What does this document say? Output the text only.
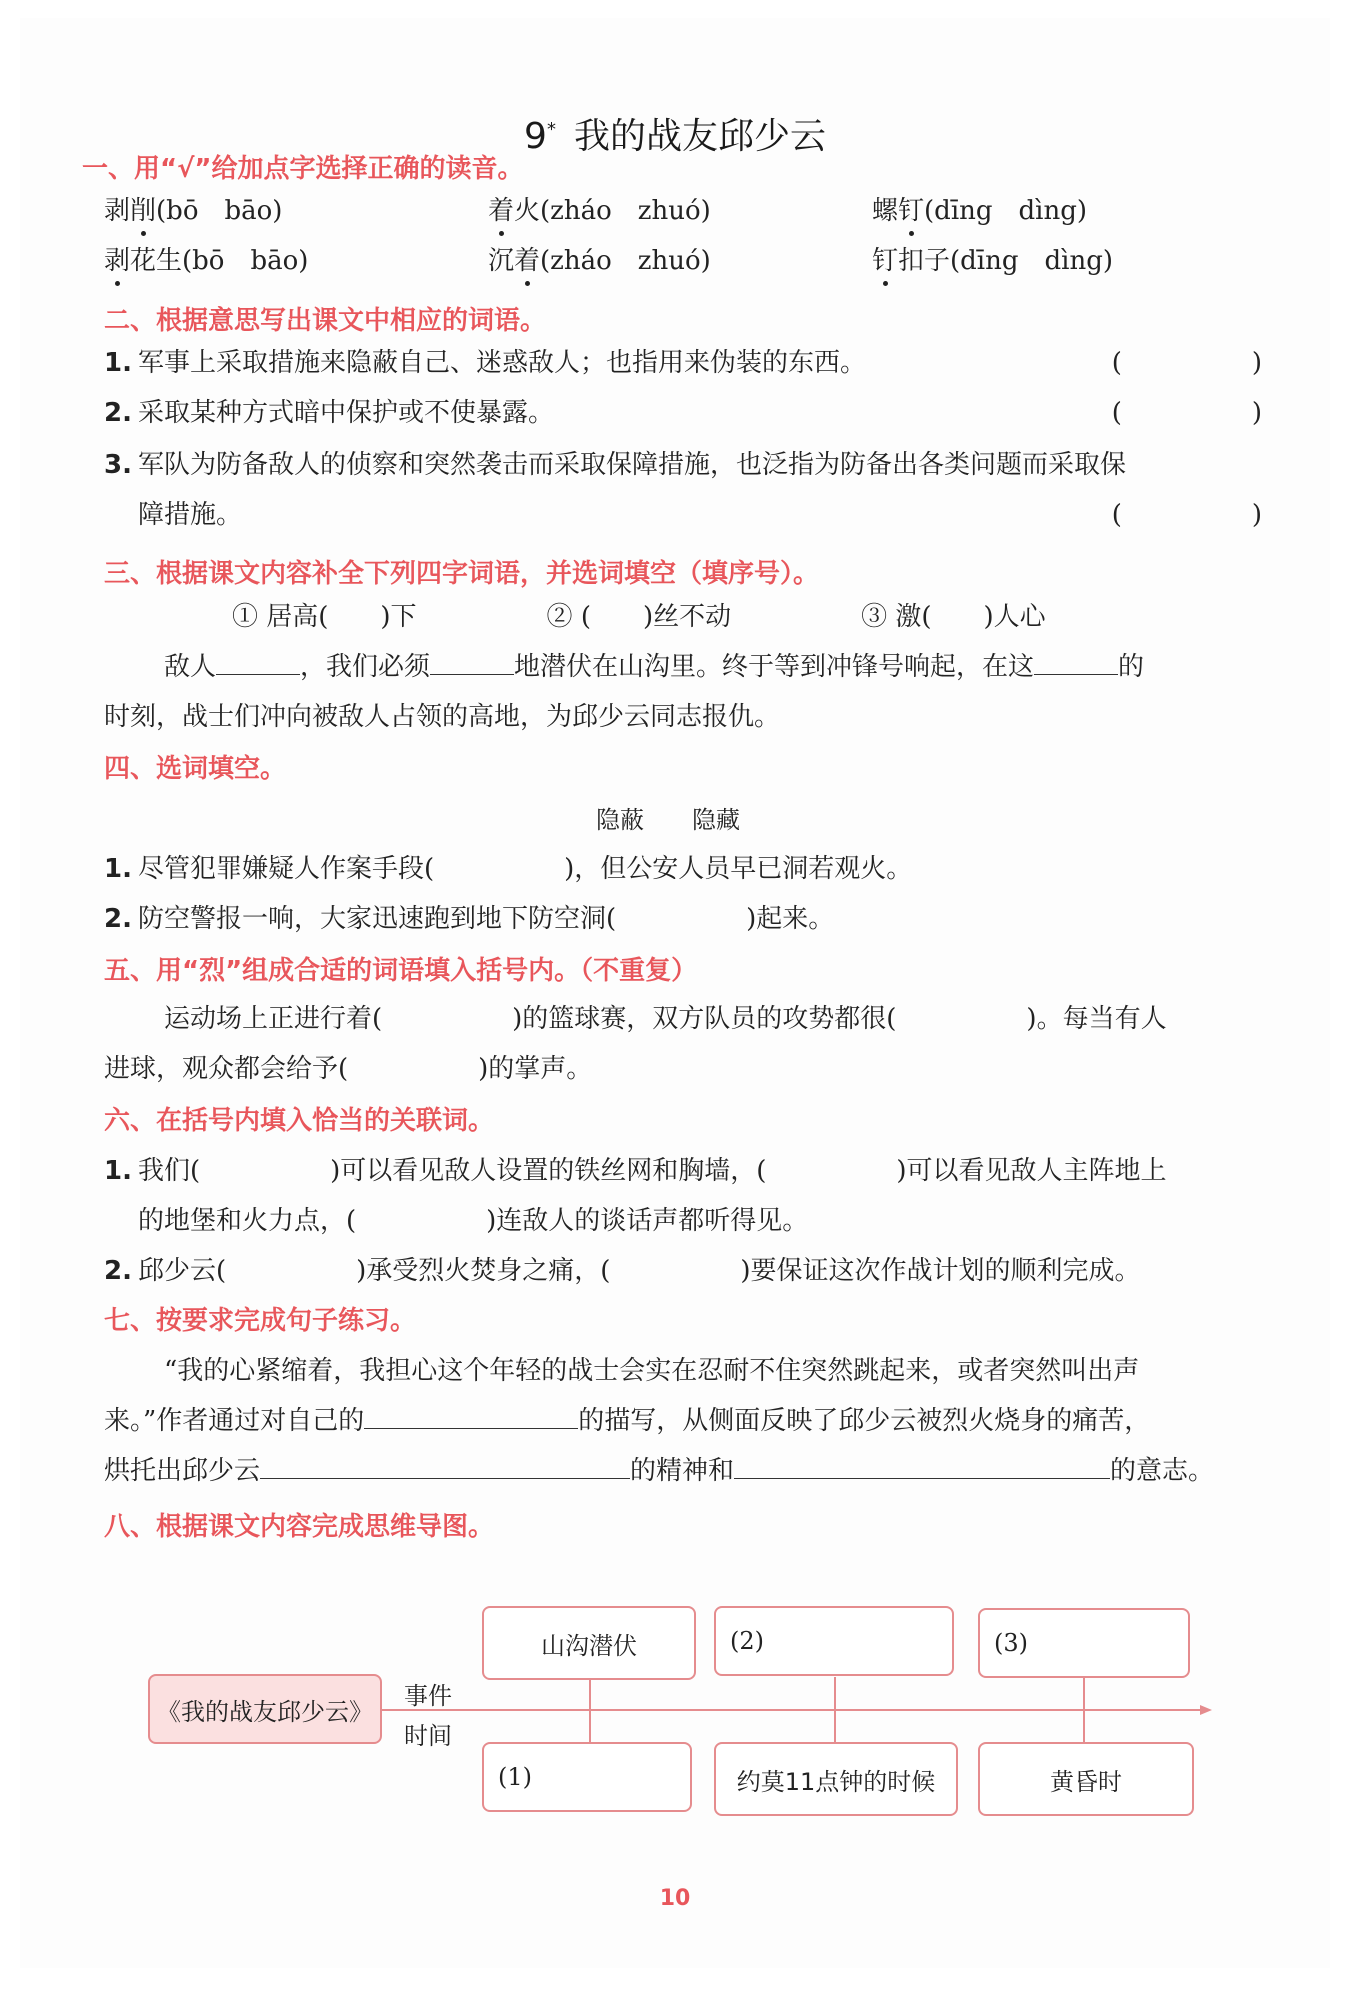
9* 我的战友邱少云
一、用“√”给加点字选择正确的读音。
剥削(bō　bāo)	着火(zháo　zhuó)	螺钉(dīng　dìng)
剥花生(bō　bāo)	沉着(zháo　zhuó)	钉扣子(dīng　dìng)
二、根据意思写出课文中相应的词语。
1. 军事上采取措施来隐蔽自己、迷惑敌人；也指用来伪装的东西。	(　　　　　)
2. 采取某种方式暗中保护或不使暴露。	(　　　　　)
3. 军队为防备敌人的侦察和突然袭击而采取保障措施，也泛指为防备出各类问题而采取保
障措施。	(　　　　　)
三、根据课文内容补全下列四字词语，并选词填空（填序号）。
① 居高(　　)下　　　　　② (　　)丝不动　　　　　③ 激(　　)人心
敌人	，我们必须	地潜伏在山沟里。终于等到冲锋号响起，在这	的
时刻，战士们冲向被敌人占领的高地，为邱少云同志报仇。
四、选词填空。
隐蔽　　隐藏
1. 尽管犯罪嫌疑人作案手段(　　　　　)，但公安人员早已洞若观火。
2. 防空警报一响，大家迅速跑到地下防空洞(　　　　　)起来。
五、用“烈”组成合适的词语填入括号内。（不重复）
运动场上正进行着(　　　　　)的篮球赛，双方队员的攻势都很(　　　　　)。每当有人
进球，观众都会给予(　　　　　)的掌声。
六、在括号内填入恰当的关联词。
1. 我们(　　　　　)可以看见敌人设置的铁丝网和胸墙，(　　　　　)可以看见敌人主阵地上
的地堡和火力点，(　　　　　)连敌人的谈话声都听得见。
2. 邱少云(　　　　　)承受烈火焚身之痛，(　　　　　)要保证这次作战计划的顺利完成。
七、按要求完成句子练习。
“我的心紧缩着，我担心这个年轻的战士会实在忍耐不住突然跳起来，或者突然叫出声
来。”作者通过对自己的	的描写，从侧面反映了邱少云被烈火烧身的痛苦，
烘托出邱少云	的精神和	的意志。
八、根据课文内容完成思维导图。
《我的战友邱少云》
事件
时间
山沟潜伏	(2)	(3)
(1)	约莫11点钟的时候	黄昏时
10
